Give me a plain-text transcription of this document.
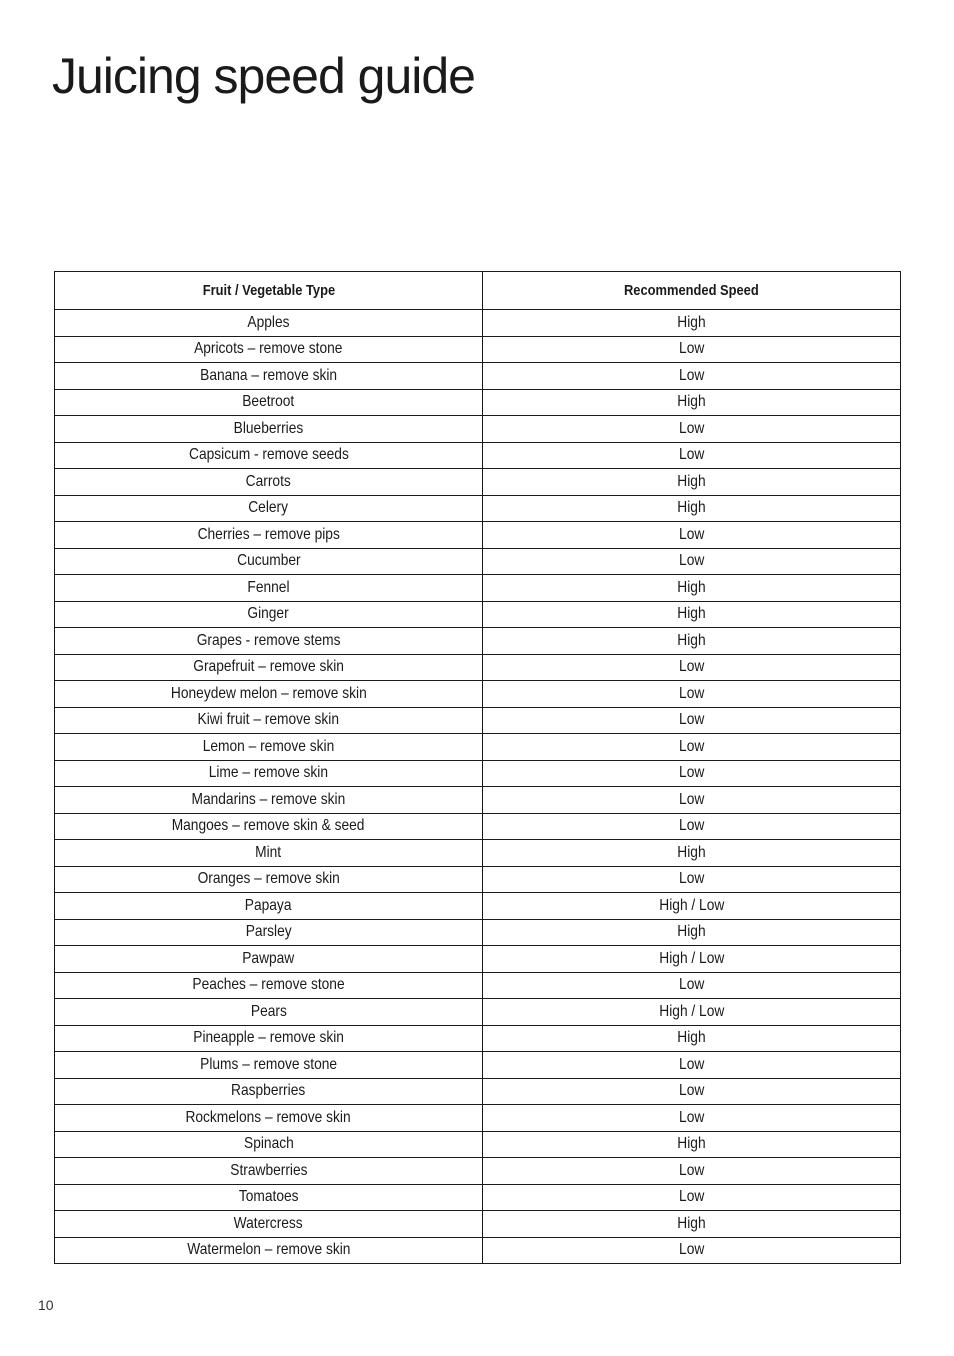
Juicing speed guide
Fruit / Vegetable Type	Recommended Speed
Apples	High
Apricots – remove stone	Low
Banana – remove skin	Low
Beetroot	High
Blueberries	Low
Capsicum - remove seeds	Low
Carrots	High
Celery	High
Cherries – remove pips	Low
Cucumber	Low
Fennel	High
Ginger	High
Grapes - remove stems	High
Grapefruit – remove skin	Low
Honeydew melon – remove skin	Low
Kiwi fruit – remove skin	Low
Lemon – remove skin	Low
Lime – remove skin	Low
Mandarins – remove skin	Low
Mangoes – remove skin & seed	Low
Mint	High
Oranges – remove skin	Low
Papaya	High / Low
Parsley	High
Pawpaw	High / Low
Peaches – remove stone	Low
Pears	High / Low
Pineapple – remove skin	High
Plums – remove stone	Low
Raspberries	Low
Rockmelons – remove skin	Low
Spinach	High
Strawberries	Low
Tomatoes	Low
Watercress	High
Watermelon – remove skin	Low
10
